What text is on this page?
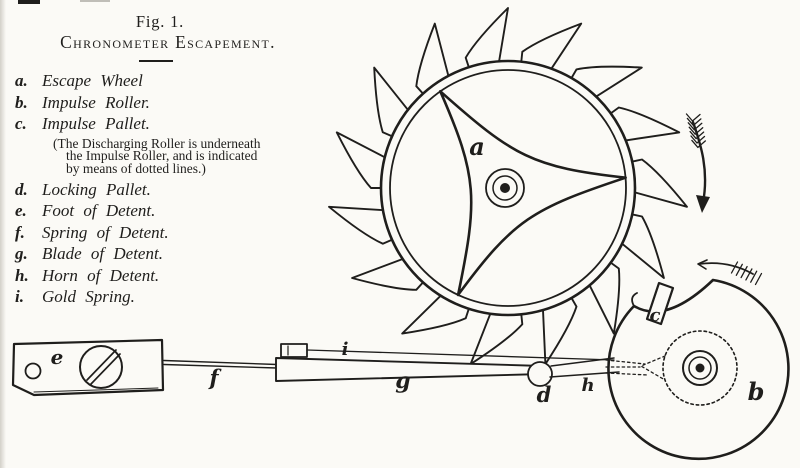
Fig. 1.
Chronometer Escapement.
a. Escape Wheel
b. Impulse Roller.
c. Impulse Pallet.
(The Discharging Roller is underneath
the Impulse Roller, and is indicated
by means of dotted lines.)
d. Locking Pallet.
e. Foot of Detent.
f. Spring of Detent.
g. Blade of Detent.
h. Horn of Detent.
i. Gold Spring.
a
b
c
d
e
f	g	h
i
